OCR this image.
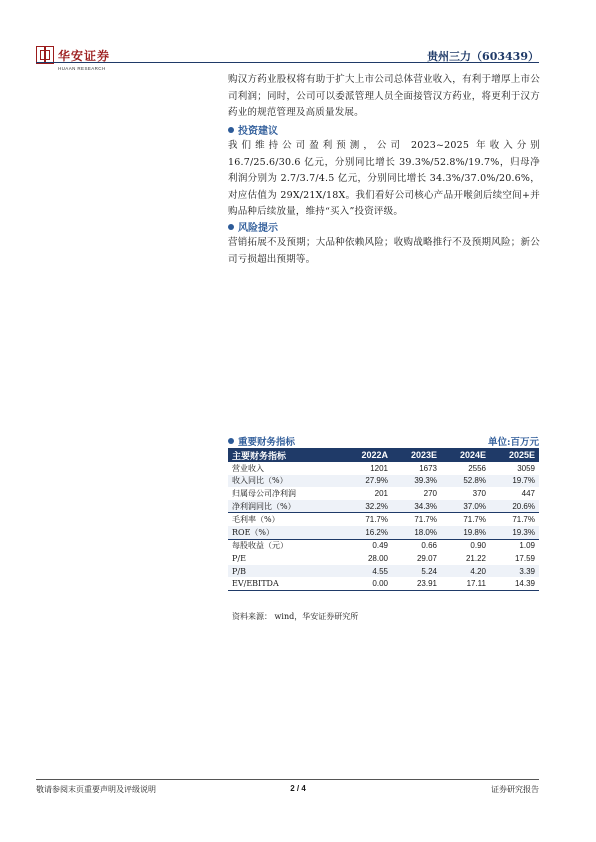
华安证券
HUAAN RESEARCH
贵州三力（603439）

购汉方药业股权将有助于扩大上市公司总体营业收入，有利于增厚上市公司利润；同时，公司可以委派管理人员全面接管汉方药业，将更利于汉方药业的规范管理及高质量发展。

投资建议

我们维持公司盈利预测，公司 2023~2025 年收入分别 16.7/25.6/30.6 亿元，分别同比增长 39.3%/52.8%/19.7%，归母净利润分别为 2.7/3.7/4.5 亿元，分别同比增长 34.3%/37.0%/20.6%，对应估值为 29X/21X/18X。我们看好公司核心产品开喉剑后续空间+并购品种后续放量，维持“买入”投资评级。

风险提示

营销拓展不及预期；大品种依赖风险；收购战略推行不及预期风险；新公司亏损超出预期等。

重要财务指标	单位:百万元
主要财务指标	2022A	2023E	2024E	2025E
营业收入	1201	1673	2556	3059
收入同比（%）	27.9%	39.3%	52.8%	19.7%
归属母公司净利润	201	270	370	447
净利润同比（%）	32.2%	34.3%	37.0%	20.6%
毛利率（%）	71.7%	71.7%	71.7%	71.7%
ROE（%）	16.2%	18.0%	19.8%	19.3%
每股收益（元）	0.49	0.66	0.90	1.09
P/E	28.00	29.07	21.22	17.59
P/B	4.55	5.24	4.20	3.39
EV/EBITDA	0.00	23.91	17.11	14.39
资料来源： wind，华安证券研究所
敬请参阅末页重要声明及评级说明	2 / 4	证券研究报告
